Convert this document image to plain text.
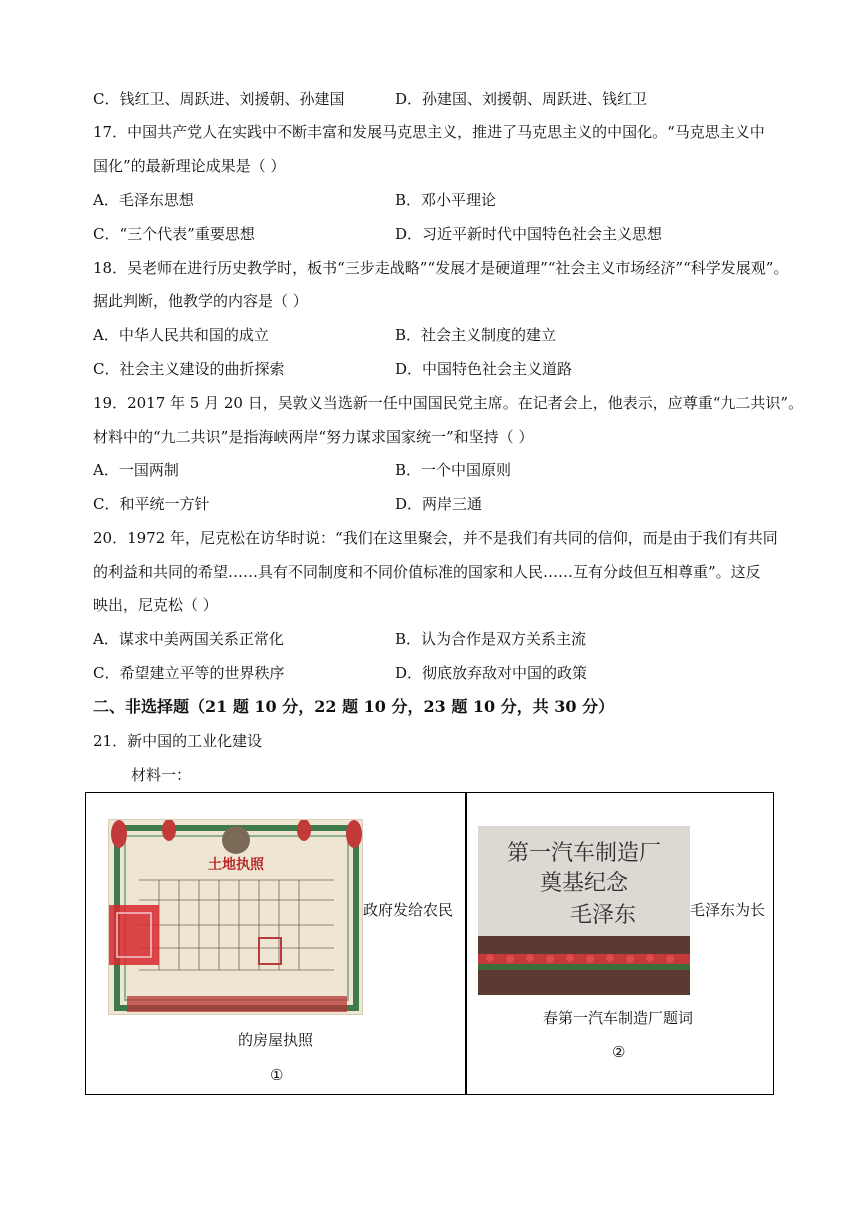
C．钱红卫、周跃进、刘援朝、孙建国	D．孙建国、刘援朝、周跃进、钱红卫
17．中国共产党人在实践中不断丰富和发展马克思主义，推进了马克思主义的中国化。“马克思主义中
国化”的最新理论成果是（ ）
A．毛泽东思想	B．邓小平理论
C．“三个代表”重要思想	D．习近平新时代中国特色社会主义思想
18．吴老师在进行历史教学时，板书“三步走战略”“发展才是硬道理”“社会主义市场经济”“科学发展观”。
据此判断，他教学的内容是（ ）
A．中华人民共和国的成立	B．社会主义制度的建立
C．社会主义建设的曲折探索	D．中国特色社会主义道路
19．2017 年 5 月 20 日，吴敦义当选新一任中国国民党主席。在记者会上，他表示，应尊重“九二共识”。
材料中的“九二共识”是指海峡两岸“努力谋求国家统一”和坚持（ ）
A．一国两制	B．一个中国原则
C．和平统一方针	D．两岸三通
20．1972 年，尼克松在访华时说：“我们在这里聚会，并不是我们有共同的信仰，而是由于我们有共同
的利益和共同的希望……具有不同制度和不同价值标准的国家和人民……互有分歧但互相尊重”。这反
映出，尼克松（ ）
A．谋求中美两国关系正常化	B．认为合作是双方关系主流
C．希望建立平等的世界秩序	D．彻底放弃敌对中国的政策
二、非选择题（21 题 10 分，22 题 10 分，23 题 10 分，共 30 分）
21．新中国的工业化建设
材料一：
土地执照
政府发给农民
的房屋执照
①
第一汽车制造厂
奠基纪念
毛泽东	毛泽东为长
春第一汽车制造厂题词
②
